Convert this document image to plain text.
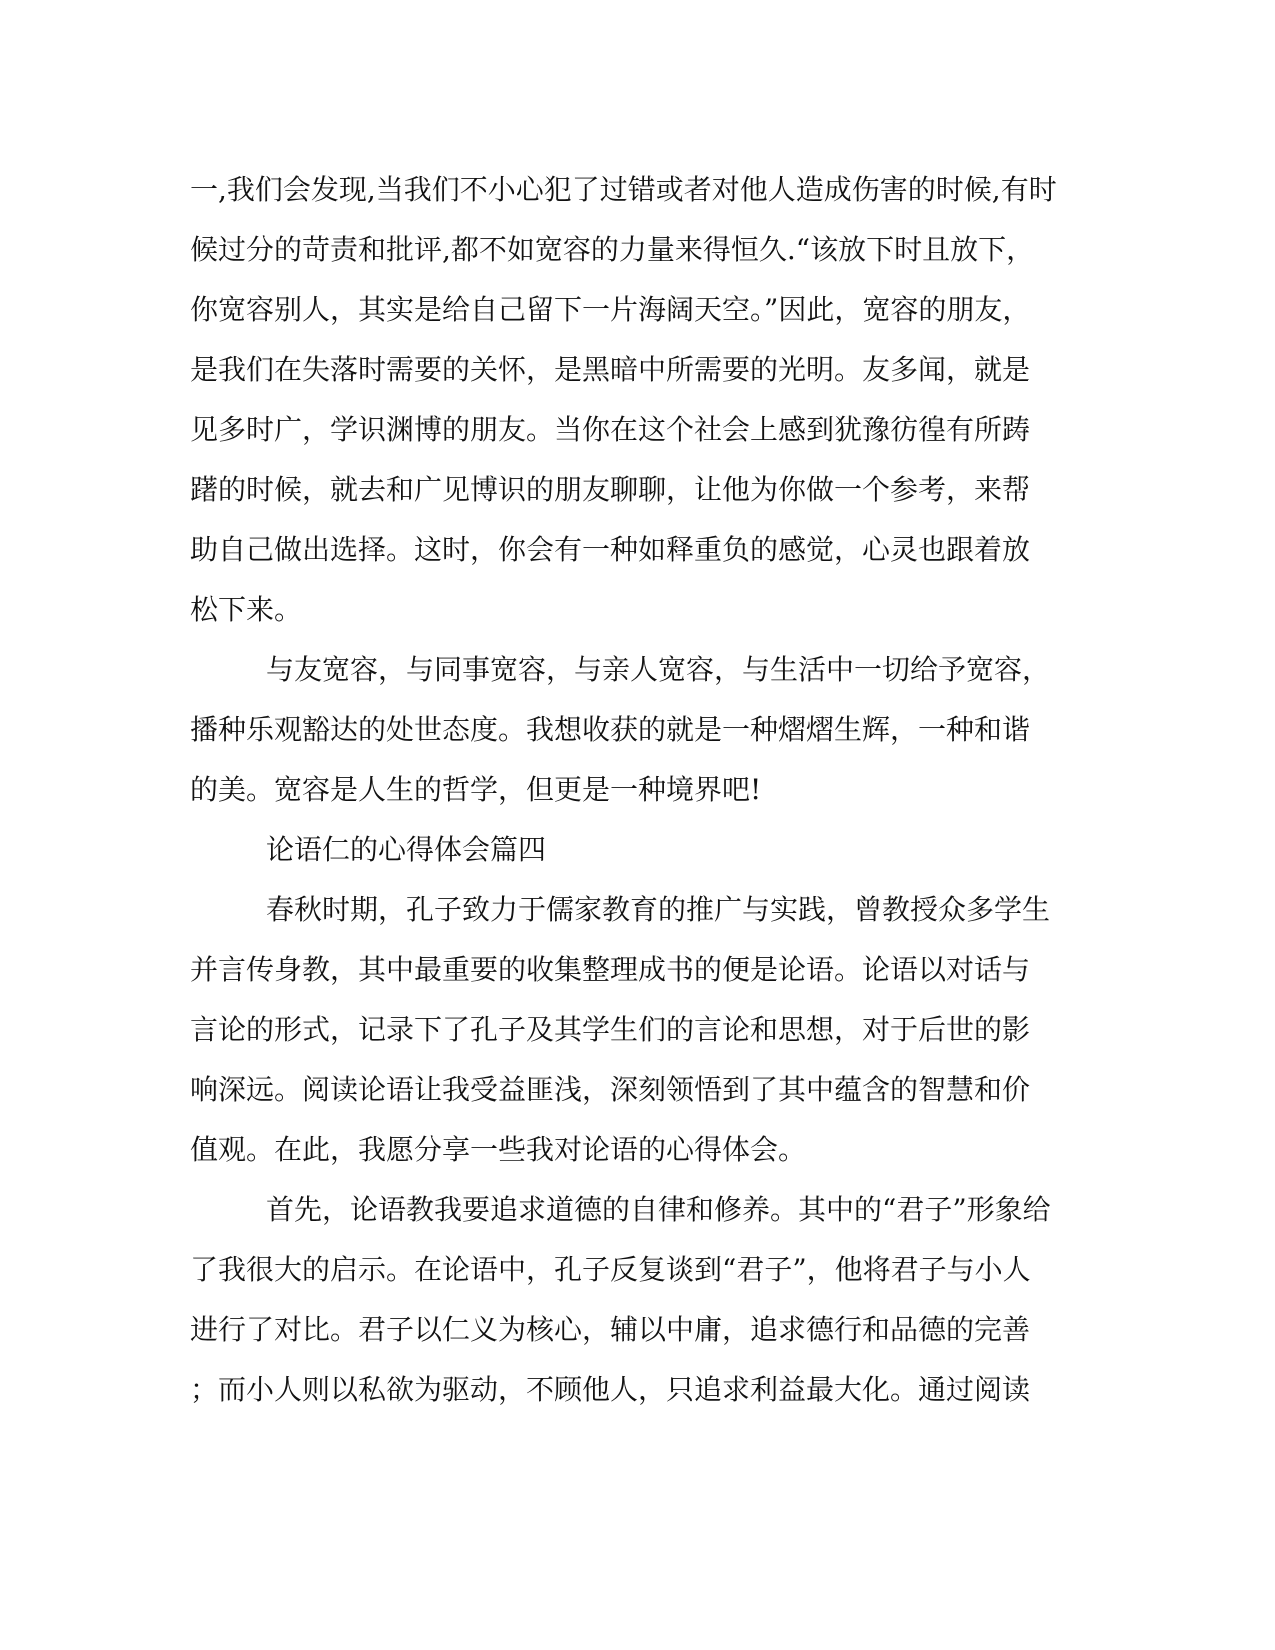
一,我们会发现,当我们不小心犯了过错或者对他人造成伤害的时候,有时
候过分的苛责和批评,都不如宽容的力量来得恒久.“该放下时且放下，
你宽容别人，其实是给自己留下一片海阔天空。”因此，宽容的朋友，
是我们在失落时需要的关怀，是黑暗中所需要的光明。友多闻，就是
见多时广，学识渊博的朋友。当你在这个社会上感到犹豫彷徨有所踌
躇的时候，就去和广见博识的朋友聊聊，让他为你做一个参考，来帮
助自己做出选择。这时，你会有一种如释重负的感觉，心灵也跟着放
松下来。
与友宽容，与同事宽容，与亲人宽容，与生活中一切给予宽容，
播种乐观豁达的处世态度。我想收获的就是一种熠熠生辉，一种和谐
的美。宽容是人生的哲学，但更是一种境界吧!
论语仁的心得体会篇四
春秋时期，孔子致力于儒家教育的推广与实践，曾教授众多学生
并言传身教，其中最重要的收集整理成书的便是论语。论语以对话与
言论的形式，记录下了孔子及其学生们的言论和思想，对于后世的影
响深远。阅读论语让我受益匪浅，深刻领悟到了其中蕴含的智慧和价
值观。在此，我愿分享一些我对论语的心得体会。
首先，论语教我要追求道德的自律和修养。其中的“君子”形象给
了我很大的启示。在论语中，孔子反复谈到“君子”，他将君子与小人
进行了对比。君子以仁义为核心，辅以中庸，追求德行和品德的完善
；而小人则以私欲为驱动，不顾他人，只追求利益最大化。通过阅读
